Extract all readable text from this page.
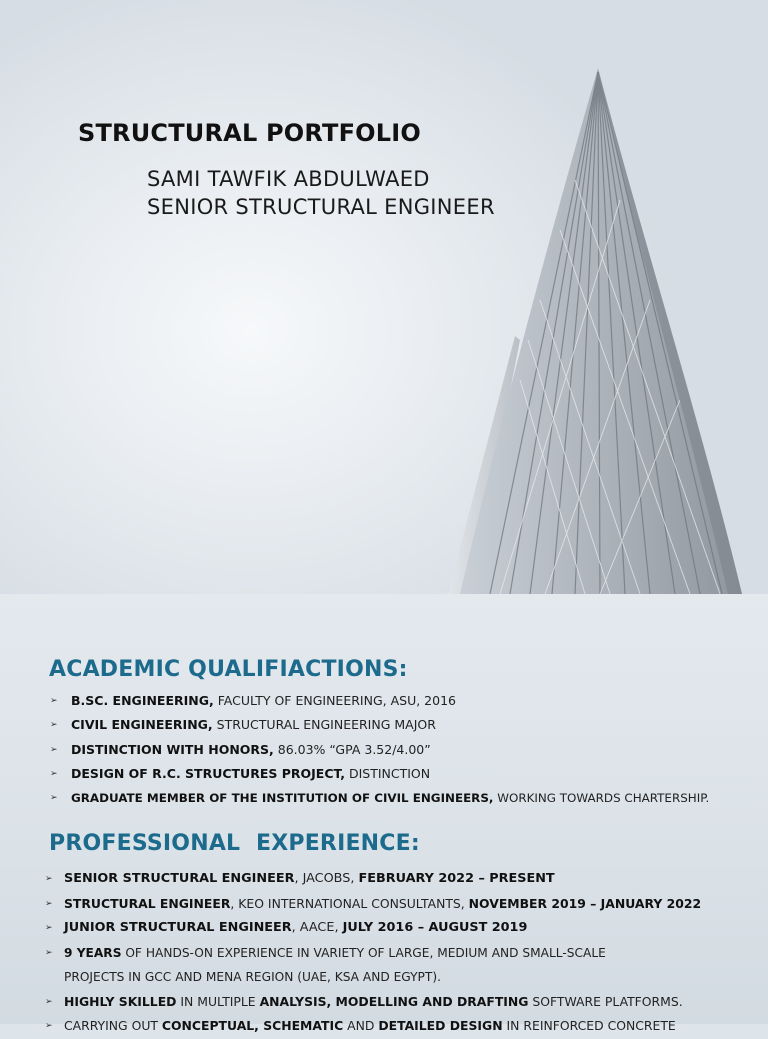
STRUCTURAL PORTFOLIO
SAMI TAWFIK ABDULWAED
SENIOR STRUCTURAL ENGINEER
ACADEMIC QUALIFIACTIONS:
➢ B.SC. ENGINEERING, FACULTY OF ENGINEERING, ASU, 2016
➢ CIVIL ENGINEERING, STRUCTURAL ENGINEERING MAJOR
➢ DISTINCTION WITH HONORS, 86.03% “GPA 3.52/4.00”
➢ DESIGN OF R.C. STRUCTURES PROJECT, DISTINCTION
➢ GRADUATE MEMBER OF THE INSTITUTION OF CIVIL ENGINEERS, WORKING TOWARDS CHARTERSHIP.
PROFESSIONAL  EXPERIENCE:
➢ SENIOR STRUCTURAL ENGINEER, JACOBS, FEBRUARY 2022 – PRESENT
➢ STRUCTURAL ENGINEER, KEO INTERNATIONAL CONSULTANTS, NOVEMBER 2019 – JANUARY 2022
➢ JUNIOR STRUCTURAL ENGINEER, AACE, JULY 2016 – AUGUST 2019
➢ 9 YEARS OF HANDS-ON EXPERIENCE IN VARIETY OF LARGE, MEDIUM AND SMALL-SCALE
PROJECTS IN GCC AND MENA REGION (UAE, KSA AND EGYPT).
➢ HIGHLY SKILLED IN MULTIPLE ANALYSIS, MODELLING AND DRAFTING SOFTWARE PLATFORMS.
➢ CARRYING OUT CONCEPTUAL, SCHEMATIC AND DETAILED DESIGN IN REINFORCED CONCRETE
